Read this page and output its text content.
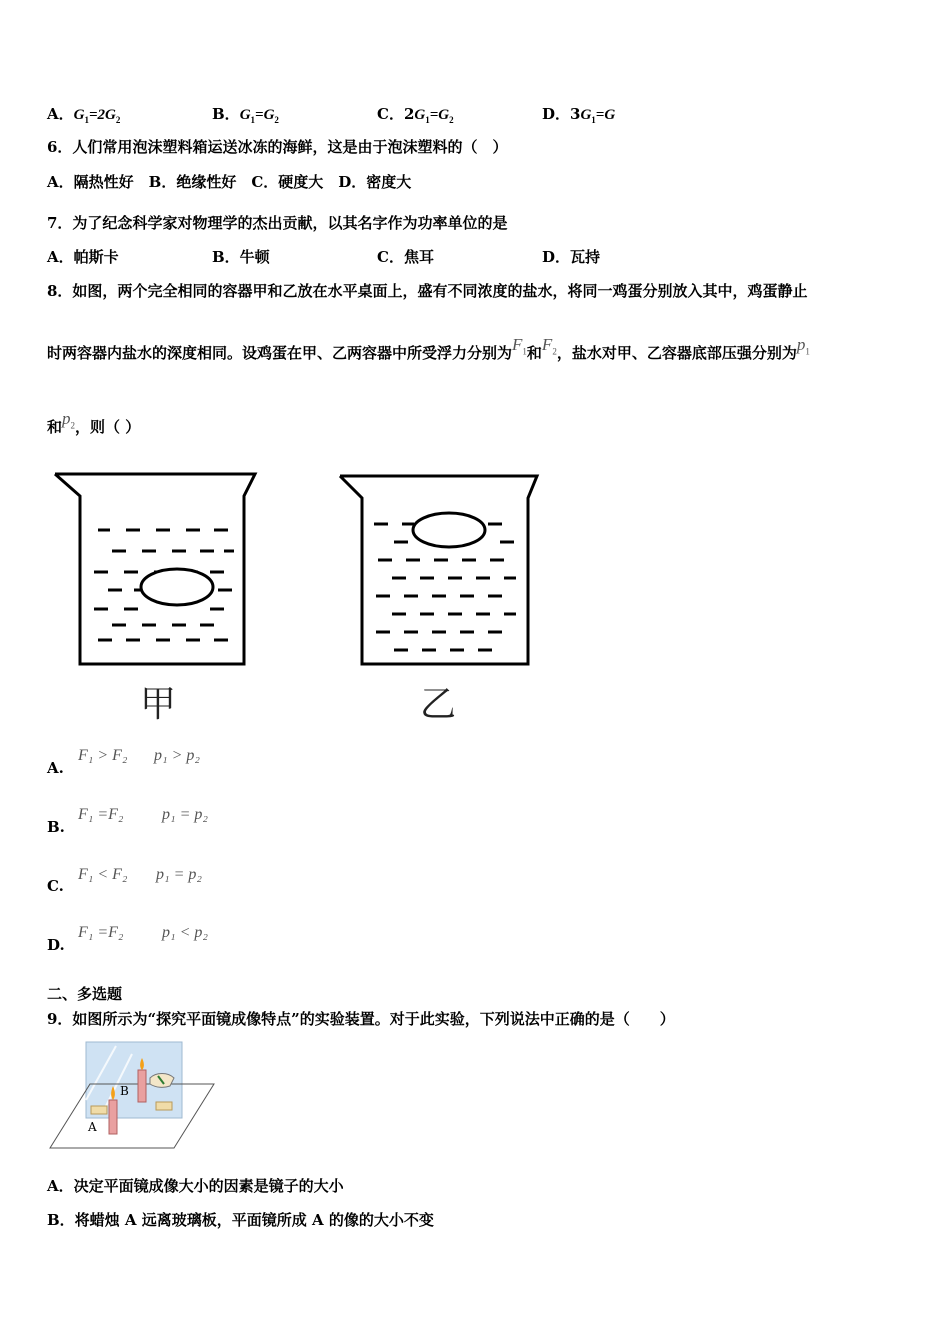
A．$G_1=2G_2$	B．$G_1=G_2$	C．$2G_1=G_2$	D．$3G_1=G$
6．人们常用泡沫塑料箱运送冰冻的海鲜，这是由于泡沫塑料的（　）
A．隔热性好　B．绝缘性好　C．硬度大　D．密度大
7．为了纪念科学家对物理学的杰出贡献，以其名字作为功率单位的是
A．帕斯卡	B．牛顿	C．焦耳	D．瓦持
8．如图，两个完全相同的容器甲和乙放在水平桌面上，盛有不同浓度的盐水，将同一鸡蛋分别放入其中，鸡蛋静止
时两容器内盐水的深度相同。设鸡蛋在甲、乙两容器中所受浮力分别为$F_1$和$F_2$，盐水对甲、乙容器底部压强分别为$p_1$
和$p_2$，则（ ）
甲	乙
A.
F₁ > F₂ p₁ > p₂
B.
F₁ =F₂ p₁ = p₂
C.
F₁ < F₂ p₁ = p₂
D.
F₁ =F₂ p₁ < p₂
二、多选题
9．如图所示为“探究平面镜成像特点”的实验装置。对于此实验，下列说法中正确的是（　　）
A
B
A．决定平面镜成像大小的因素是镜子的大小
B．将蜡烛 A 远离玻璃板，平面镜所成 A 的像的大小不变
